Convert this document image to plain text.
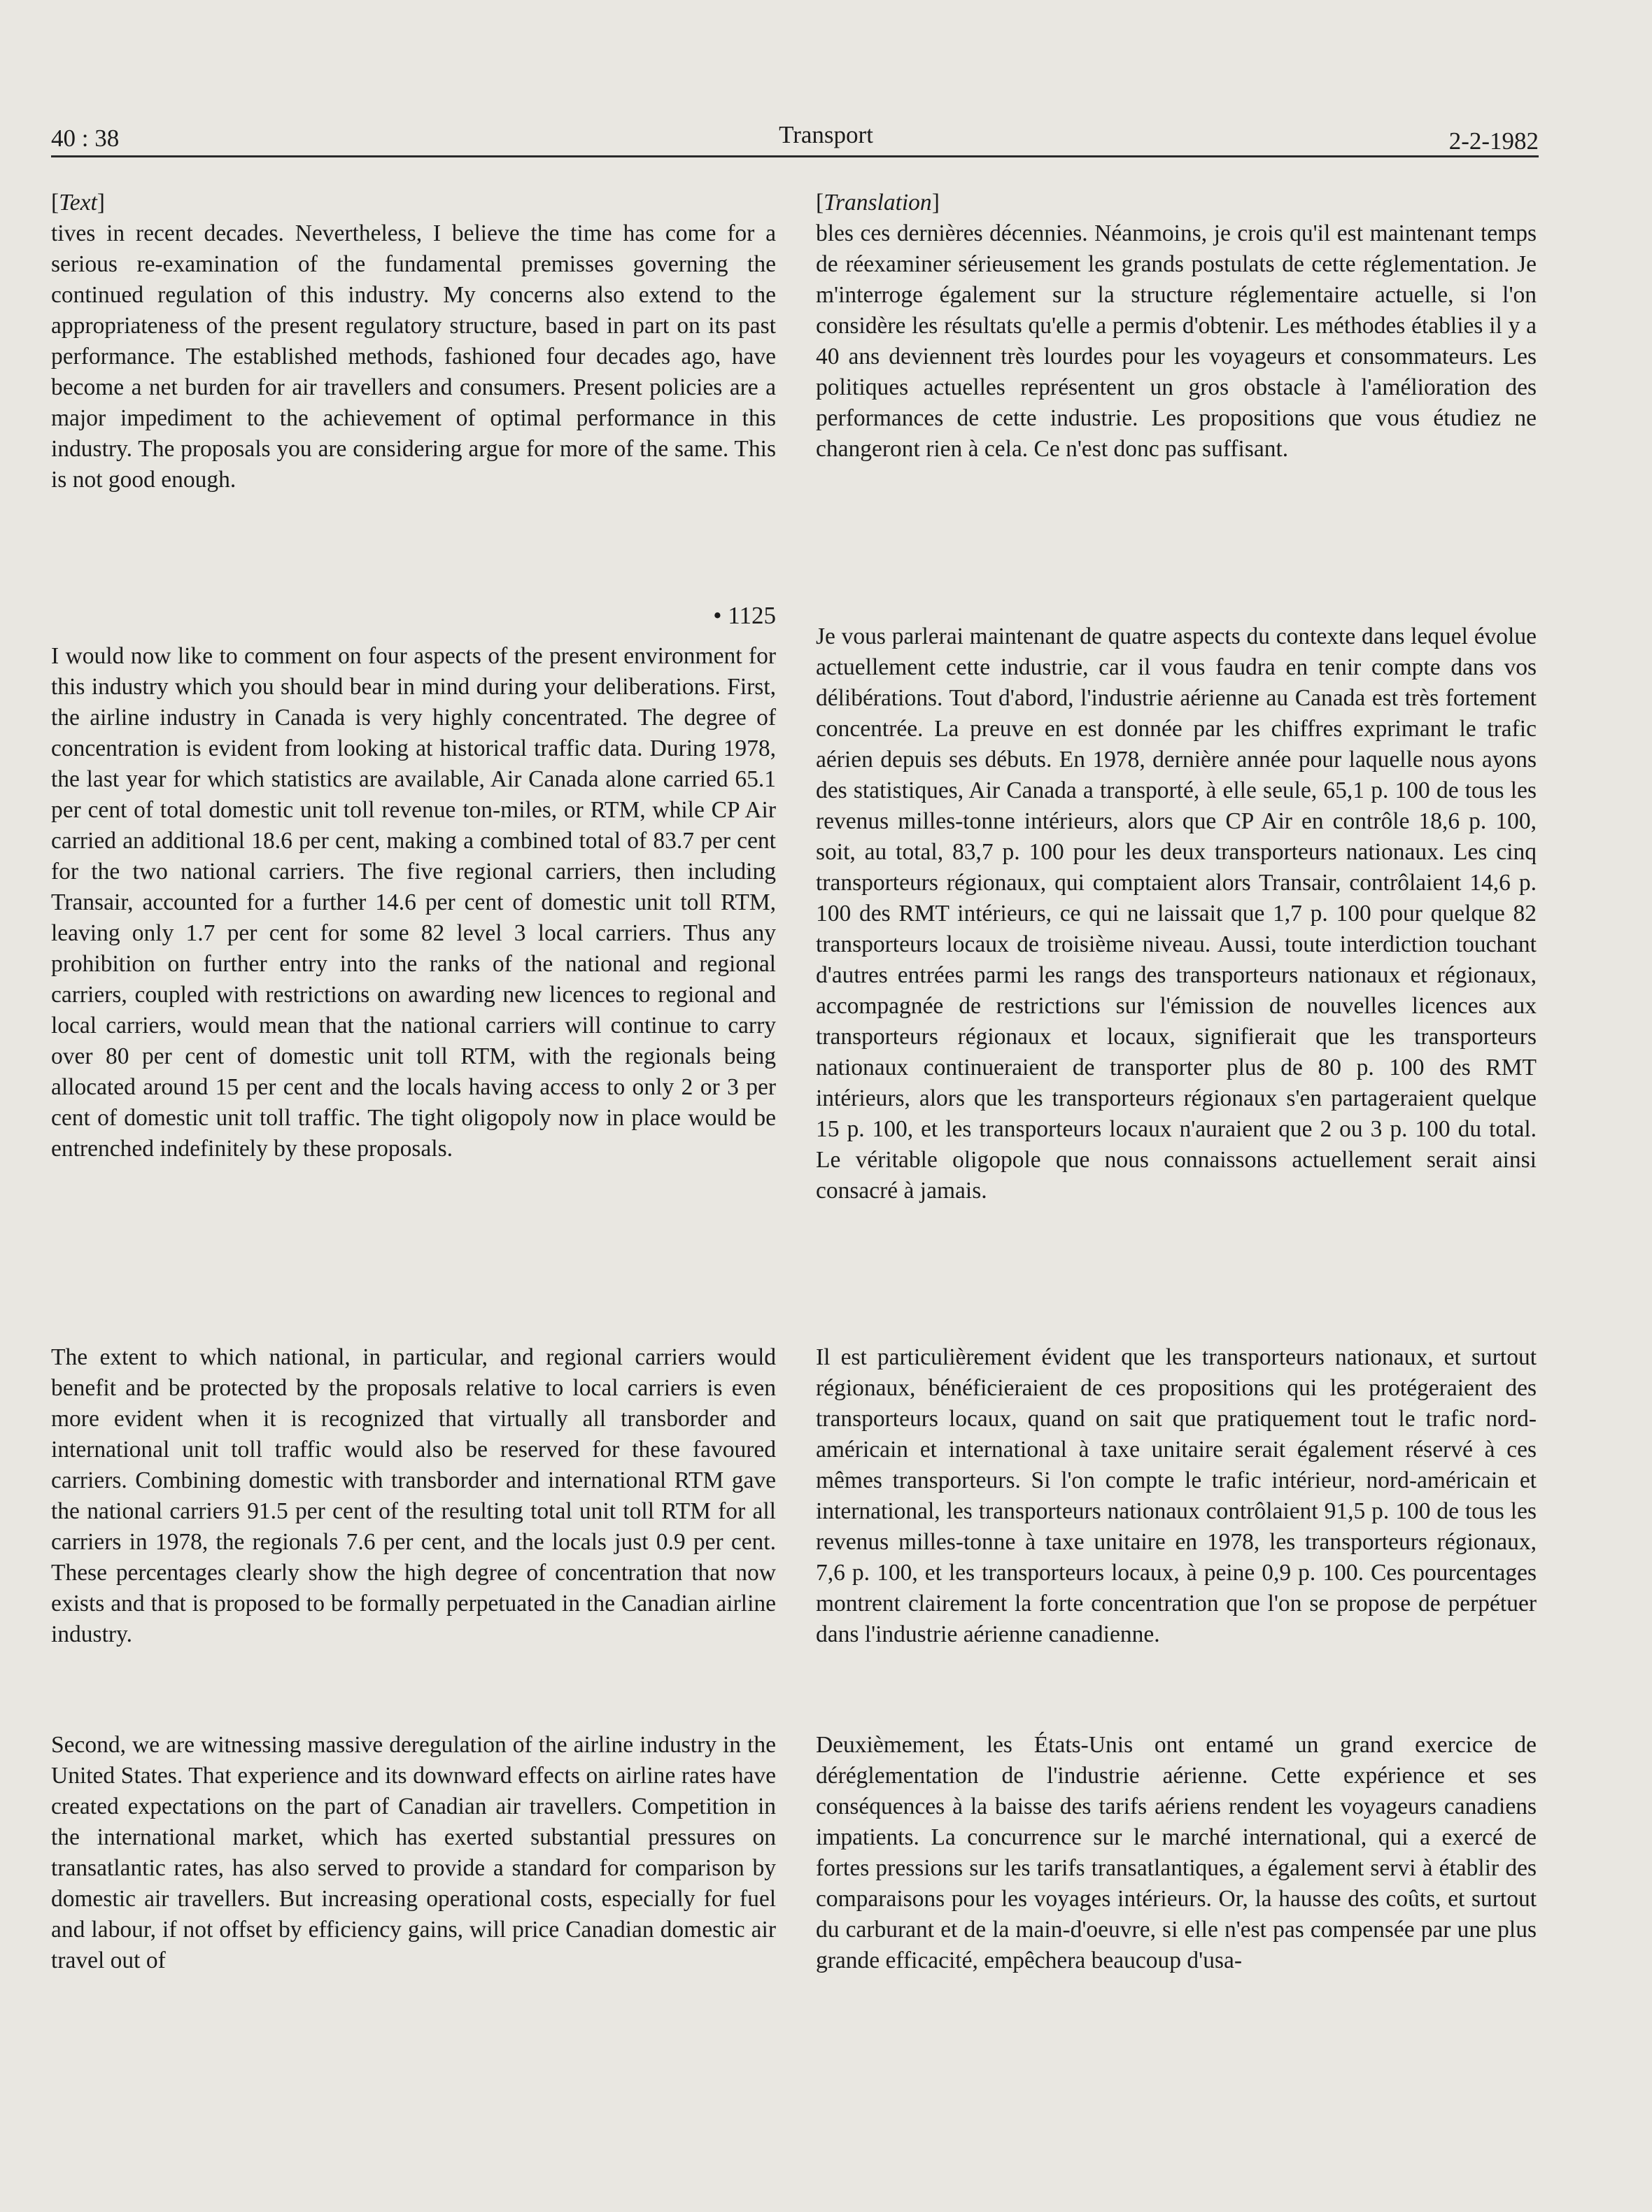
40 : 38	Transport	2-2-1982
[Text]

tives in recent decades. Nevertheless, I believe the time has come for a serious re-examination of the fundamental premisses governing the continued regulation of this industry. My concerns also extend to the appropriateness of the present regulatory structure, based in part on its past performance. The established methods, fashioned four decades ago, have become a net burden for air travellers and consumers. Present policies are a major impediment to the achievement of optimal performance in this industry. The proposals you are considering argue for more of the same. This is not good enough.

• 1125

I would now like to comment on four aspects of the present environment for this industry which you should bear in mind during your deliberations. First, the airline industry in Canada is very highly concentrated. The degree of concentration is evident from looking at historical traffic data. During 1978, the last year for which statistics are available, Air Canada alone carried 65.1 per cent of total domestic unit toll revenue ton-miles, or RTM, while CP Air carried an additional 18.6 per cent, making a combined total of 83.7 per cent for the two national carriers. The five regional carriers, then including Transair, accounted for a further 14.6 per cent of domestic unit toll RTM, leaving only 1.7 per cent for some 82 level 3 local carriers. Thus any prohibition on further entry into the ranks of the national and regional carriers, coupled with restrictions on awarding new licences to regional and local carriers, would mean that the national carriers will continue to carry over 80 per cent of domestic unit toll RTM, with the regionals being allocated around 15 per cent and the locals having access to only 2 or 3 per cent of domestic unit toll traffic. The tight oligopoly now in place would be entrenched indefinitely by these proposals.

The extent to which national, in particular, and regional carriers would benefit and be protected by the proposals relative to local carriers is even more evident when it is recognized that virtually all transborder and international unit toll traffic would also be reserved for these favoured carriers. Combining domestic with transborder and international RTM gave the national carriers 91.5 per cent of the resulting total unit toll RTM for all carriers in 1978, the regionals 7.6 per cent, and the locals just 0.9 per cent. These percentages clearly show the high degree of concentration that now exists and that is proposed to be formally perpetuated in the Canadian airline industry.

Second, we are witnessing massive deregulation of the airline industry in the United States. That experience and its downward effects on airline rates have created expectations on the part of Canadian air travellers. Competition in the international market, which has exerted substantial pressures on transatlantic rates, has also served to provide a standard for comparison by domestic air travellers. But increasing operational costs, especially for fuel and labour, if not offset by efficiency gains, will price Canadian domestic air travel out of

[Translation]

bles ces dernières décennies. Néanmoins, je crois qu'il est maintenant temps de réexaminer sérieusement les grands postulats de cette réglementation. Je m'interroge également sur la structure réglementaire actuelle, si l'on considère les résultats qu'elle a permis d'obtenir. Les méthodes établies il y a 40 ans deviennent très lourdes pour les voyageurs et consommateurs. Les politiques actuelles représentent un gros obstacle à l'amélioration des performances de cette industrie. Les propositions que vous étudiez ne changeront rien à cela. Ce n'est donc pas suffisant.

Je vous parlerai maintenant de quatre aspects du contexte dans lequel évolue actuellement cette industrie, car il vous faudra en tenir compte dans vos délibérations. Tout d'abord, l'industrie aérienne au Canada est très fortement concentrée. La preuve en est donnée par les chiffres exprimant le trafic aérien depuis ses débuts. En 1978, dernière année pour laquelle nous ayons des statistiques, Air Canada a transporté, à elle seule, 65,1 p. 100 de tous les revenus milles-tonne intérieurs, alors que CP Air en contrôle 18,6 p. 100, soit, au total, 83,7 p. 100 pour les deux transporteurs nationaux. Les cinq transporteurs régionaux, qui comptaient alors Transair, contrôlaient 14,6 p. 100 des RMT intérieurs, ce qui ne laissait que 1,7 p. 100 pour quelque 82 transporteurs locaux de troisième niveau. Aussi, toute interdiction touchant d'autres entrées parmi les rangs des transporteurs nationaux et régionaux, accompagnée de restrictions sur l'émission de nouvelles licences aux transporteurs régionaux et locaux, signifierait que les transporteurs nationaux continueraient de transporter plus de 80 p. 100 des RMT intérieurs, alors que les transporteurs régionaux s'en partageraient quelque 15 p. 100, et les transporteurs locaux n'auraient que 2 ou 3 p. 100 du total. Le véritable oligopole que nous connaissons actuellement serait ainsi consacré à jamais.

Il est particulièrement évident que les transporteurs nationaux, et surtout régionaux, bénéficieraient de ces propositions qui les protégeraient des transporteurs locaux, quand on sait que pratiquement tout le trafic nord-américain et international à taxe unitaire serait également réservé à ces mêmes transporteurs. Si l'on compte le trafic intérieur, nord-américain et international, les transporteurs nationaux contrôlaient 91,5 p. 100 de tous les revenus milles-tonne à taxe unitaire en 1978, les transporteurs régionaux, 7,6 p. 100, et les transporteurs locaux, à peine 0,9 p. 100. Ces pourcentages montrent clairement la forte concentration que l'on se propose de perpétuer dans l'industrie aérienne canadienne.

Deuxièmement, les États-Unis ont entamé un grand exercice de déréglementation de l'industrie aérienne. Cette expérience et ses conséquences à la baisse des tarifs aériens rendent les voyageurs canadiens impatients. La concurrence sur le marché international, qui a exercé de fortes pressions sur les tarifs transatlantiques, a également servi à établir des comparaisons pour les voyages intérieurs. Or, la hausse des coûts, et surtout du carburant et de la main-d'oeuvre, si elle n'est pas compensée par une plus grande efficacité, empêchera beaucoup d'usa-
